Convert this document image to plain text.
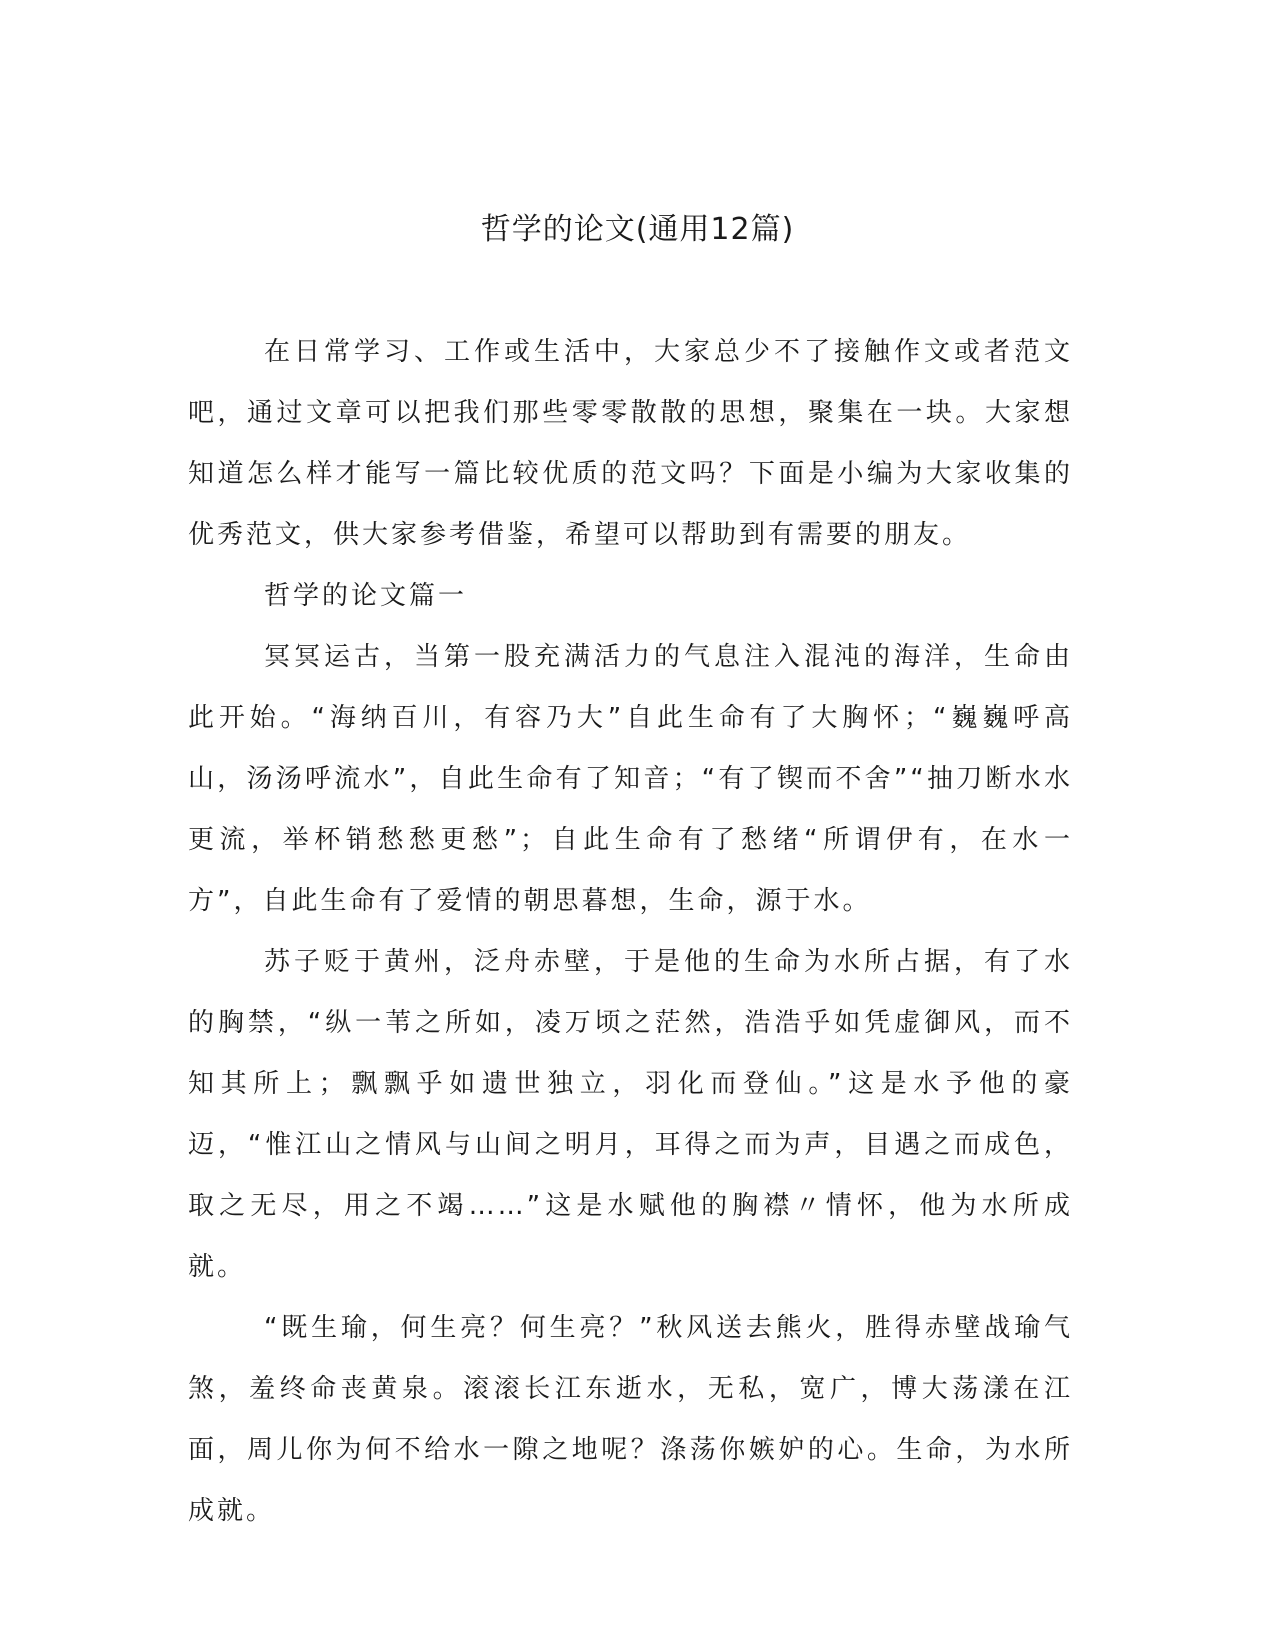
哲学的论文(通用12篇)

在日常学习、工作或生活中，大家总少不了接触作文或者范文吧，通过文章可以把我们那些零零散散的思想，聚集在一块。大家想知道怎么样才能写一篇比较优质的范文吗？下面是小编为大家收集的优秀范文，供大家参考借鉴，希望可以帮助到有需要的朋友。

哲学的论文篇一

冥冥运古，当第一股充满活力的气息注入混沌的海洋，生命由此开始。“海纳百川，有容乃大”自此生命有了大胸怀；“巍巍呼高山，汤汤呼流水”，自此生命有了知音；“有了锲而不舍”“抽刀断水水更流，举杯销愁愁更愁”；自此生命有了愁绪“所谓伊有，在水一方”，自此生命有了爱情的朝思暮想，生命，源于水。

苏子贬于黄州，泛舟赤壁，于是他的生命为水所占据，有了水的胸禁，“纵一苇之所如，凌万顷之茫然，浩浩乎如凭虚御风，而不知其所上；飘飘乎如遗世独立，羽化而登仙。”这是水予他的豪迈，“惟江山之情风与山间之明月，耳得之而为声，目遇之而成色，取之无尽，用之不竭……”这是水赋他的胸襟〃情怀，他为水所成就。

“既生瑜，何生亮？何生亮？”秋风送去熊火，胜得赤壁战瑜气煞，羞终命丧黄泉。滚滚长江东逝水，无私，宽广，博大荡漾在江面，周儿你为何不给水一隙之地呢？涤荡你嫉妒的心。生命，为水所成就。
